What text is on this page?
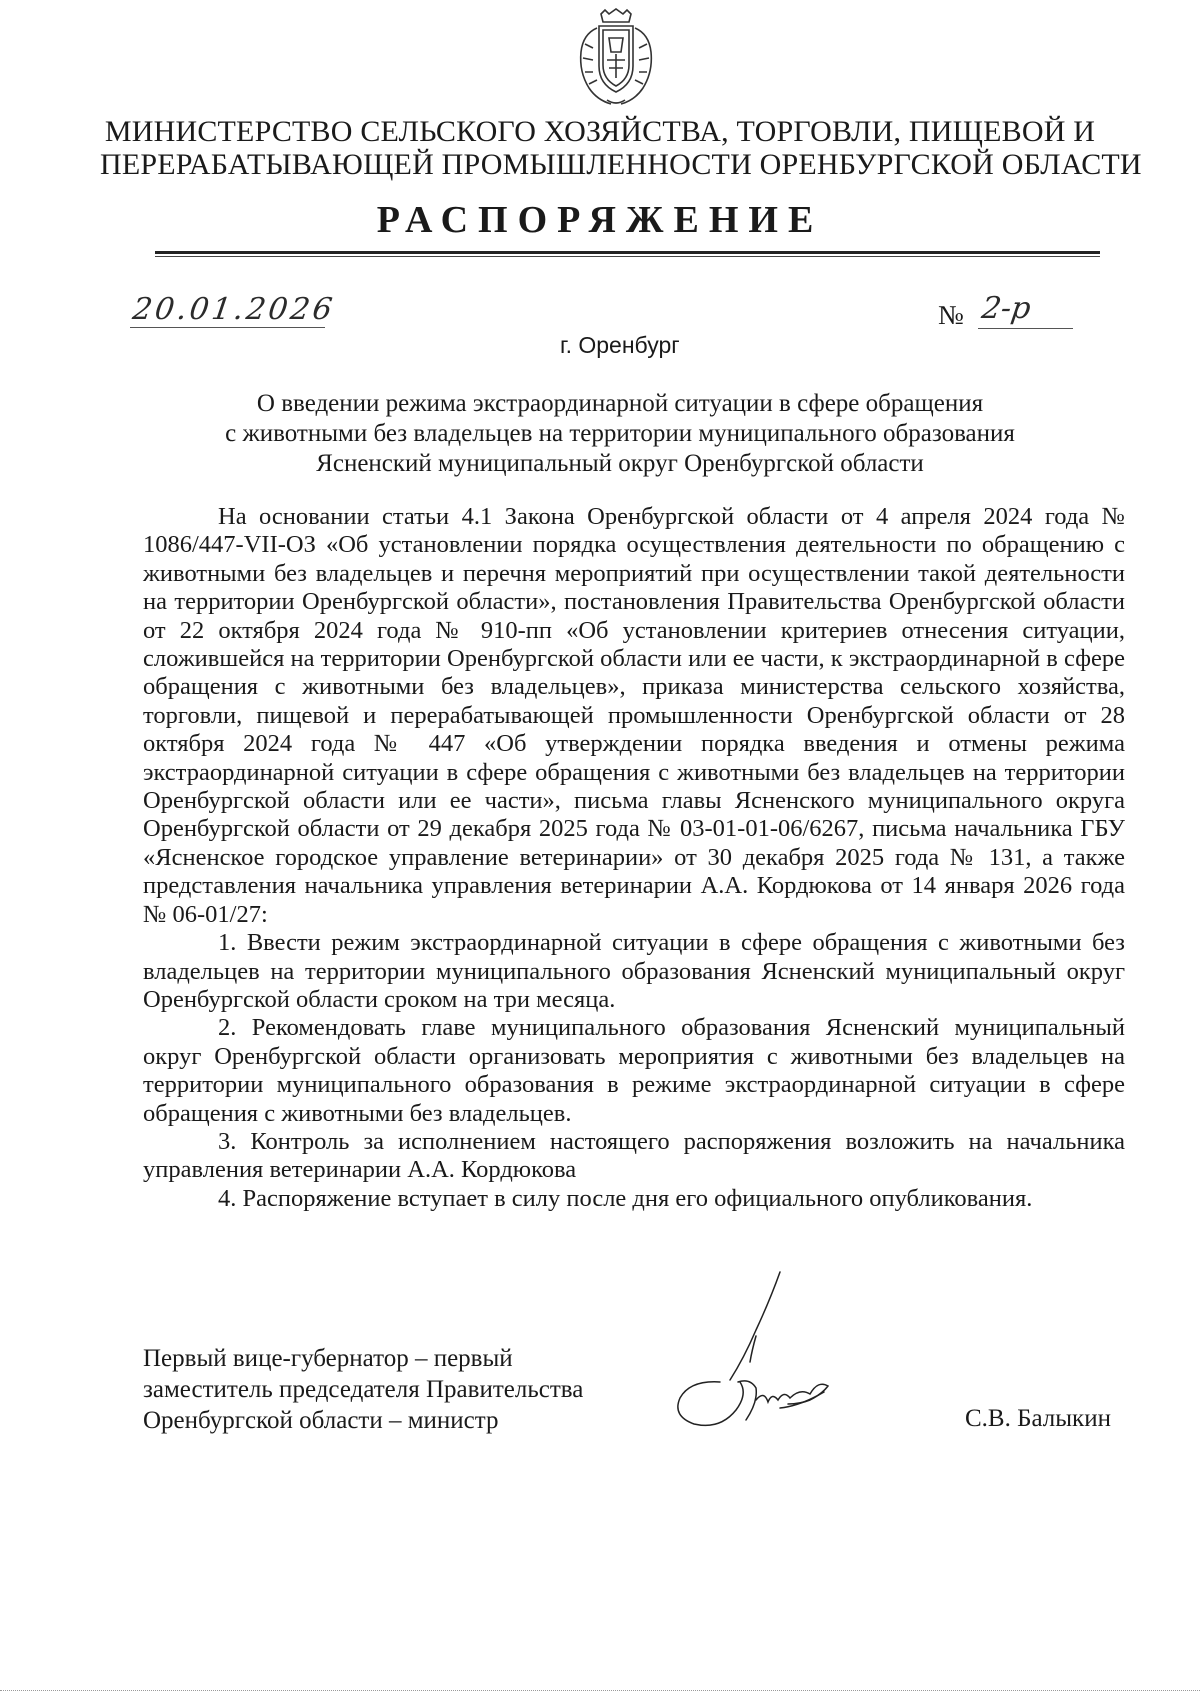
МИНИСТЕРСТВО СЕЛЬСКОГО ХОЗЯЙСТВА, ТОРГОВЛИ, ПИЩЕВОЙ И
ПЕРЕРАБАТЫВАЮЩЕЙ ПРОМЫШЛЕННОСТИ ОРЕНБУРГСКОЙ ОБЛАСТИ
РАСПОРЯЖЕНИЕ
20.01.2026	№ 2-р
г. Оренбург
О введении режима экстраординарной ситуации в сфере обращения
с животными без владельцев на территории муниципального образования
Ясненский муниципальный округ Оренбургской области

На основании статьи 4.1 Закона Оренбургской области от 4 апреля 2024 года № 1086/447-VII-ОЗ «Об установлении порядка осуществления деятельности по обращению с животными без владельцев и перечня мероприятий при осуществлении такой деятельности на территории Оренбургской области», постановления Правительства Оренбургской области от 22 октября 2024 года № 910-пп «Об установлении критериев отнесения ситуации, сложившейся на территории Оренбургской области или ее части, к экстраординарной в сфере обращения с животными без владельцев», приказа министерства сельского хозяйства, торговли, пищевой и перерабатывающей промышленности Оренбургской области от 28 октября 2024 года № 447 «Об утверждении порядка введения и отмены режима экстраординарной ситуации в сфере обращения с животными без владельцев на территории Оренбургской области или ее части», письма главы Ясненского муниципального округа Оренбургской области от 29 декабря 2025 года № 03-01-01-06/6267, письма начальника ГБУ «Ясненское городское управление ветеринарии» от 30 декабря 2025 года № 131, а также представления начальника управления ветеринарии А.А. Кордюкова от 14 января 2026 года № 06-01/27:

1. Ввести режим экстраординарной ситуации в сфере обращения с животными без владельцев на территории муниципального образования Ясненский муниципальный округ Оренбургской области сроком на три месяца.

2. Рекомендовать главе муниципального образования Ясненский муниципальный округ Оренбургской области организовать мероприятия с животными без владельцев на территории муниципального образования в режиме экстраординарной ситуации в сфере обращения с животными без владельцев.

3. Контроль за исполнением настоящего распоряжения возложить на начальника управления ветеринарии А.А. Кордюкова

4. Распоряжение вступает в силу после дня его официального опубликования.

Первый вице-губернатор – первый
заместитель председателя Правительства
Оренбургской области – министр	С.В. Балыкин
